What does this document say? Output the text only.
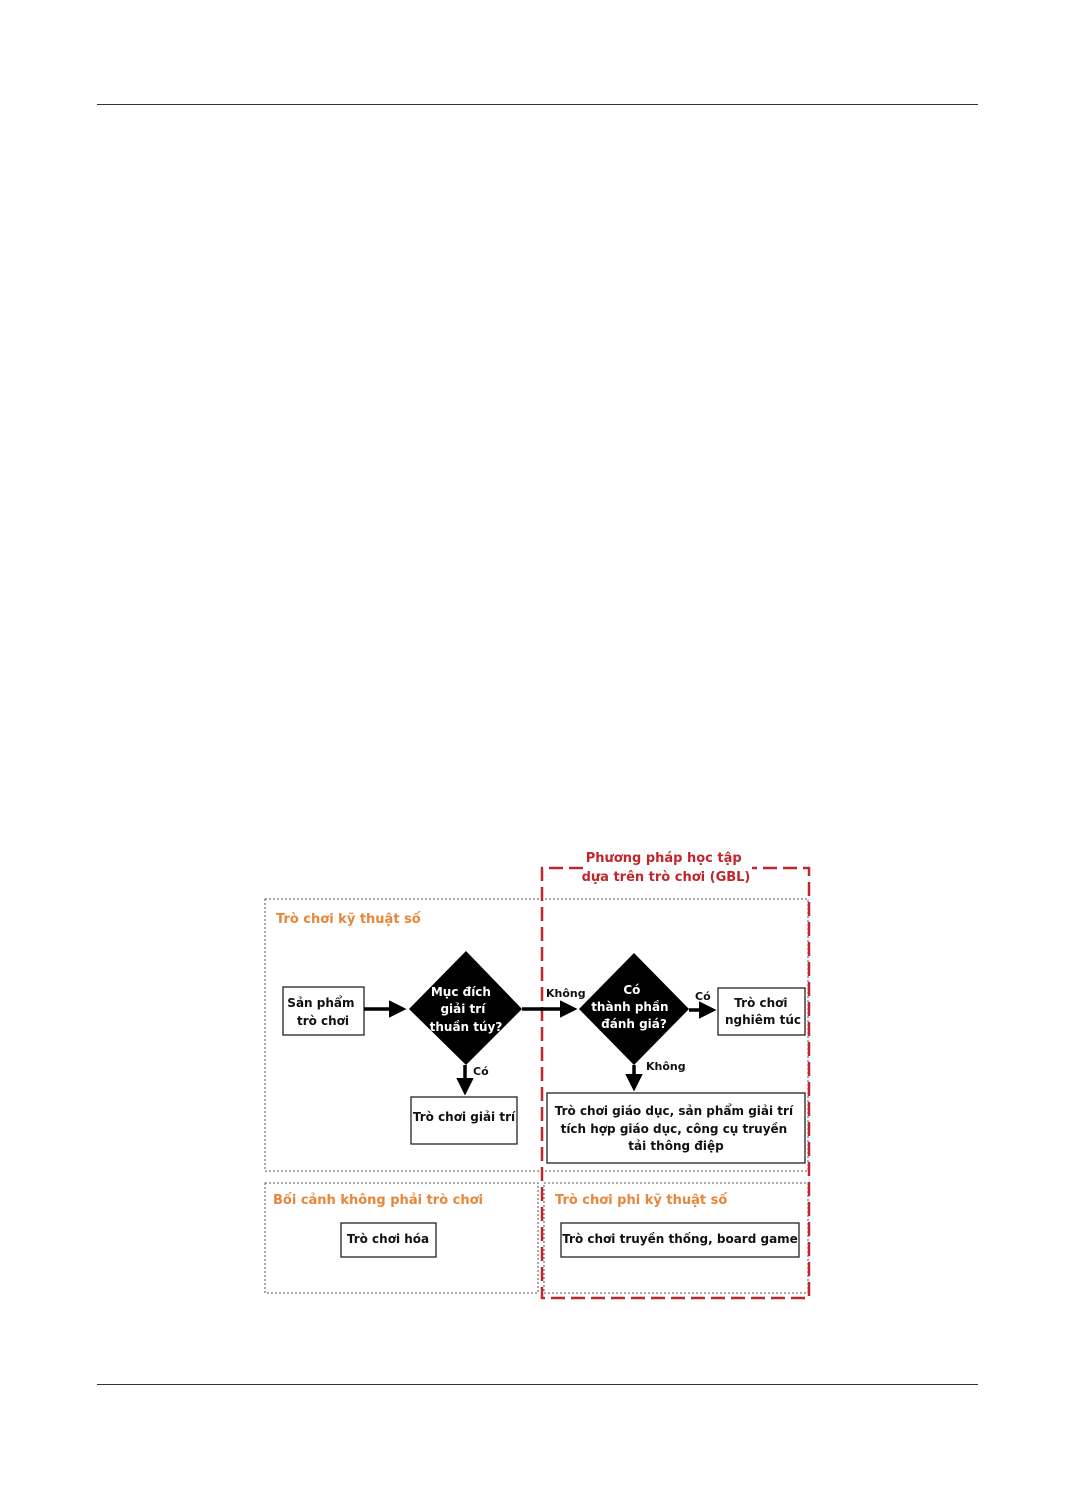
Phương pháp học tập dựa trên trò chơi (GBL)
Trò chơi kỹ thuật số
Bối cảnh không phải trò chơi	Trò chơi phi kỹ thuật số
Sản phẩm trò chơi
Mục đích giải trí thuần túy?
Có
Trò chơi giải trí
Không	Có thành phần đánh giá?
Có	Trò chơi nghiêm túc
Không
Trò chơi giáo dục, sản phẩm giải trí tích hợp giáo dục, công cụ truyền tải thông điệp
Trò chơi hóa	Trò chơi truyền thống, board game
